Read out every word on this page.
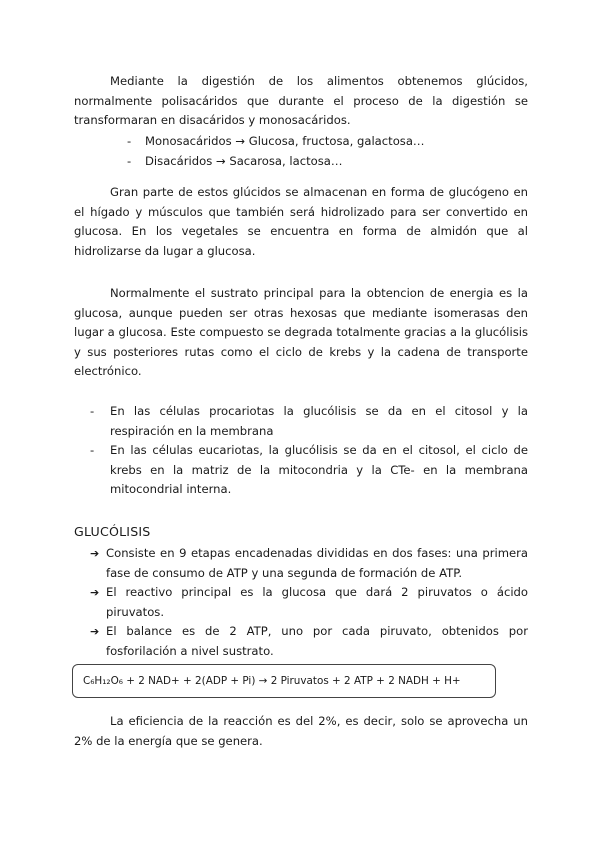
Mediante la digestión de los alimentos obtenemos glúcidos, normalmente polisacáridos que durante el proceso de la digestión se transformaran en disacáridos y monosacáridos.

- Monosacáridos → Glucosa, fructosa, galactosa…
- Disacáridos → Sacarosa, lactosa…

Gran parte de estos glúcidos se almacenan en forma de glucógeno en el hígado y músculos que también será hidrolizado para ser convertido en glucosa. En los vegetales se encuentra en forma de almidón que al hidrolizarse da lugar a glucosa.

Normalmente el sustrato principal para la obtencion de energia es la glucosa, aunque pueden ser otras hexosas que mediante isomerasas den lugar a glucosa. Este compuesto se degrada totalmente gracias a la glucólisis y sus posteriores rutas como el ciclo de krebs y la cadena de transporte electrónico.

- En las células procariotas la glucólisis se da en el citosol y la respiración en la membrana
- En las células eucariotas, la glucólisis se da en el citosol, el ciclo de krebs en la matriz de la mitocondria y la CTe- en la membrana mitocondrial interna.
GLUCÓLISIS
➔ Consiste en 9 etapas encadenadas divididas en dos fases: una primera fase de consumo de ATP y una segunda de formación de ATP.
➔ El reactivo principal es la glucosa que dará 2 piruvatos o ácido piruvatos.
➔ El balance es de 2 ATP, uno por cada piruvato, obtenidos por fosforilación a nivel sustrato.
C₆H₁₂O₆ + 2 NAD+ + 2(ADP + Pi) → 2 Piruvatos + 2 ATP + 2 NADH + H+

La eficiencia de la reacción es del 2%, es decir, solo se aprovecha un 2% de la energía que se genera.
